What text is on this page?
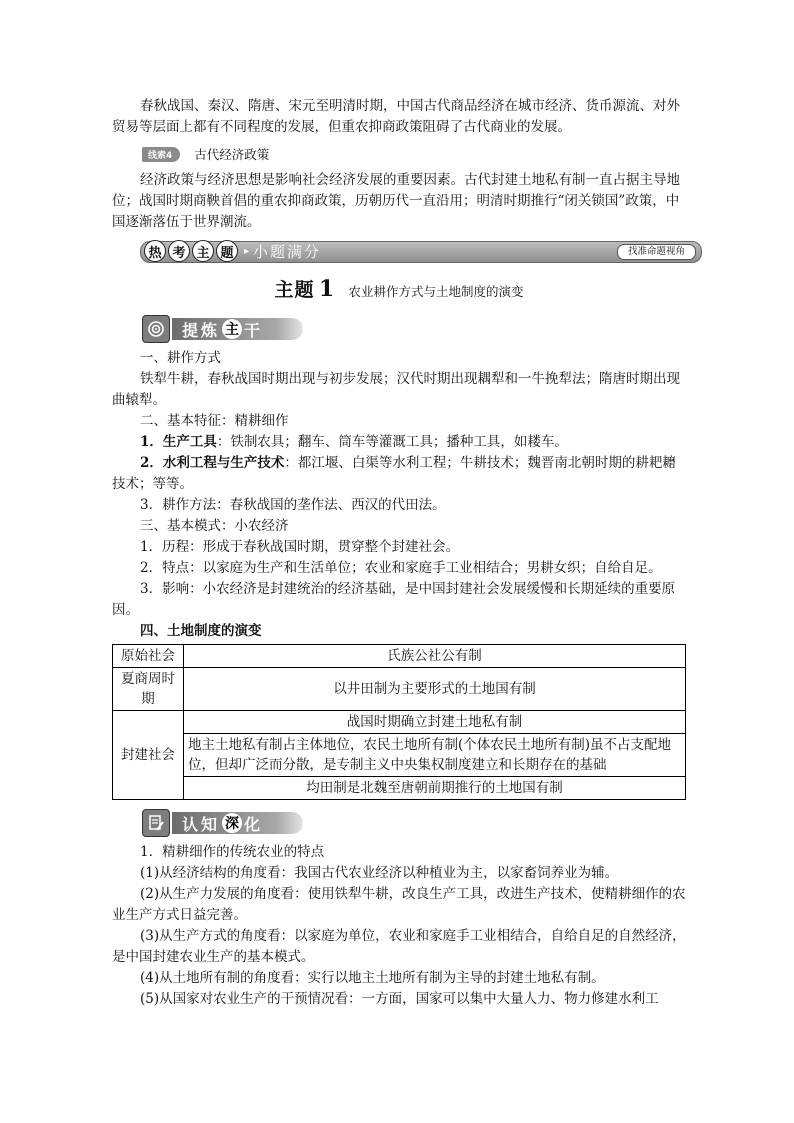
春秋战国、秦汉、隋唐、宋元至明清时期，中国古代商品经济在城市经济、货币源流、对外贸易等层面上都有不同程度的发展，但重农抑商政策阻碍了古代商业的发展。

线索4	古代经济政策

经济政策与经济思想是影响社会经济发展的重要因素。古代封建土地私有制一直占据主导地位；战国时期商鞅首倡的重农抑商政策，历朝历代一直沿用；明清时期推行“闭关锁国”政策，中国逐渐落伍于世界潮流。

热 考 主 题	▸ 小题满分	找准命题视角
主题 1 农业耕作方式与土地制度的演变
提炼 主 干

一、耕作方式

铁犁牛耕，春秋战国时期出现与初步发展；汉代时期出现耦犁和一牛挽犁法；隋唐时期出现曲辕犁。

二、基本特征：精耕细作

1．生产工具：铁制农具；翻车、筒车等灌溉工具；播种工具，如耧车。

2．水利工程与生产技术：都江堰、白渠等水利工程；牛耕技术；魏晋南北朝时期的耕耙耱技术；等等。

3．耕作方法：春秋战国的垄作法、西汉的代田法。

三、基本模式：小农经济

1．历程：形成于春秋战国时期，贯穿整个封建社会。

2．特点：以家庭为生产和生活单位；农业和家庭手工业相结合；男耕女织；自给自足。

3．影响：小农经济是封建统治的经济基础，是中国封建社会发展缓慢和长期延续的重要原因。

四、土地制度的演变

原始社会	氏族公社公有制
夏商周时期	以井田制为主要形式的土地国有制
封建社会	战国时期确立封建土地私有制
	地主土地私有制占主体地位，农民土地所有制(个体农民土地所有制)虽不占支配地位，但却广泛而分散，是专制主义中央集权制度建立和长期存在的基础
	均田制是北魏至唐朝前期推行的土地国有制
认知 深 化

1．精耕细作的传统农业的特点

(1)从经济结构的角度看：我国古代农业经济以种植业为主，以家畜饲养业为辅。

(2)从生产力发展的角度看：使用铁犁牛耕，改良生产工具，改进生产技术，使精耕细作的农业生产方式日益完善。

(3)从生产方式的角度看：以家庭为单位，农业和家庭手工业相结合，自给自足的自然经济，是中国封建农业生产的基本模式。

(4)从土地所有制的角度看：实行以地主土地所有制为主导的封建土地私有制。

(5)从国家对农业生产的干预情况看：一方面，国家可以集中大量人力、物力修建水利工
